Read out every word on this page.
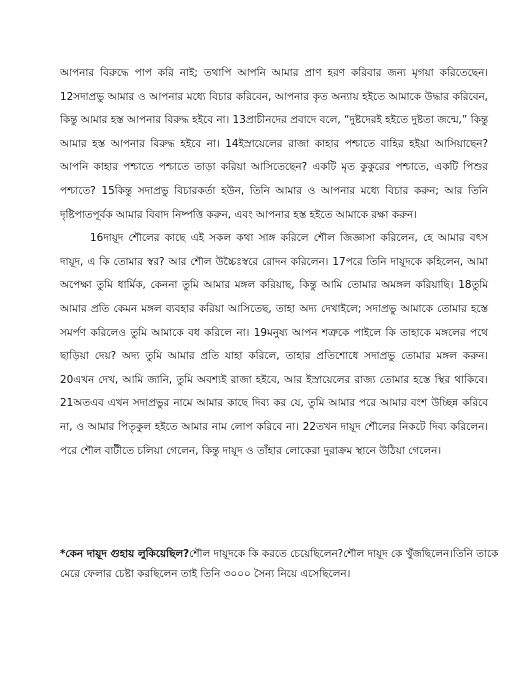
আপনার বিরুদ্ধে পাপ করি নাই; তথাপি আপনি আমার প্রাণ হরণ করিবার জন্য মৃগয়া করিতেছেন। 12সদাপ্রভু আমার ও আপনার মধ্যে বিচার করিবেন, আপনার কৃত অন্যায় হইতে আমাকে উদ্ধার করিবেন, কিন্তু আমার হস্ত আপনার বিরুদ্ধ হইবে না। 13প্রাচীনদের প্রবাদে বলে, “দুষ্টদেরই হইতে দুষ্টতা জন্মে,” কিন্তু আমার হস্ত আপনার বিরুদ্ধ হইবে না। 14ইস্রায়েলের রাজা কাহার পশ্চাতে বাহির হইয়া আসিয়াছেন? আপনি কাহার পশ্চাতে পশ্চাতে তাড়া করিয়া আসিতেছেন? একটি মৃত কুকুরের পশ্চাতে, একটি পিশুর পশ্চাতে? 15কিন্তু সদাপ্রভু বিচারকর্তা হউন, তিনি আমার ও আপনার মধ্যে বিচার করুন; আর তিনি দৃষ্টিপাতপূর্বক আমার বিবাদ নিষ্পত্তি করুন, এবং আপনার হস্ত হইতে আমাকে রক্ষা করুন।

16দায়ূদ শৌলের কাছে এই সকল কথা সাঙ্গ করিলে শৌল জিজ্ঞাসা করিলেন, হে আমার বৎস দায়ূদ, এ কি তোমার স্বর? আর শৌল উচ্চৈঃস্বরে রোদন করিলেন। 17পরে তিনি দায়ূদকে কহিলেন, আমা অপেক্ষা তুমি ধার্মিক, কেননা তুমি আমার মঙ্গল করিয়াছ, কিন্তু আমি তোমার অমঙ্গল করিয়াছি। 18তুমি আমার প্রতি কেমন মঙ্গল ব্যবহার করিয়া আসিতেছ, তাহা অদ্য দেখাইলে; সদাপ্রভু আমাকে তোমার হস্তে সমর্পণ করিলেও তুমি আমাকে বধ করিলে না। 19মনুষ্য আপন শত্রুকে পাইলে কি তাহাকে মঙ্গলের পথে ছাড়িয়া দেয়? অদ্য তুমি আমার প্রতি যাহা করিলে, তাহার প্রতিশোধে সদাপ্রভু তোমার মঙ্গল করুন। 20এখন দেখ, আমি জানি, তুমি অবশ্যই রাজা হইবে, আর ইস্রায়েলের রাজ্য তোমার হস্তে স্থির থাকিবে। 21অতএব এখন সদাপ্রভুর নামে আমার কাছে দিব্য কর যে, তুমি আমার পরে আমার বংশ উচ্ছিন্ন করিবে না, ও আমার পিতৃকুল হইতে আমার নাম লোপ করিবে না। 22তখন দায়ূদ শৌলের নিকটে দিব্য করিলেন। পরে শৌল বাটীতে চলিয়া গেলেন, কিন্তু দায়ূদ ও তাঁহার লোকেরা দুরাক্রম স্থানে উঠিয়া গেলেন।

*কেন দায়ূদ গুহায় লুকিয়েছিল?শৌল দায়ূদকে কি করতে চেয়েছিলেন?শৌল দায়ূদ কে খুঁজছিলেন।তিনি তাকে মেরে ফেলার চেষ্টা করছিলেন তাই তিনি ৩০০০ সৈন্য নিয়ে এসেছিলেন।
